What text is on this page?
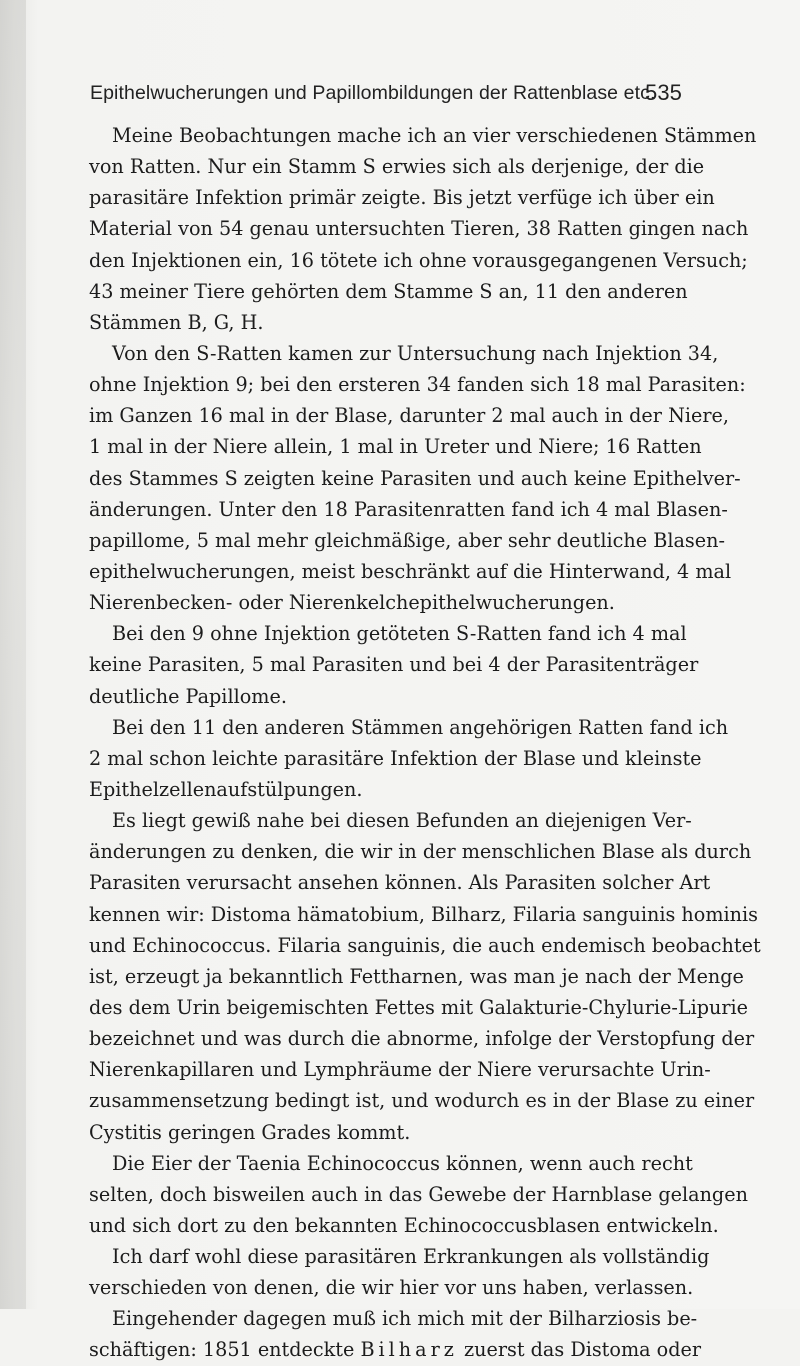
Epithelwucherungen und Papillombildungen der Rattenblase etc.
535
Meine Beobachtungen mache ich an vier verschiedenen Stämmen
von Ratten. Nur ein Stamm S erwies sich als derjenige, der die
parasitäre Infektion primär zeigte. Bis jetzt verfüge ich über ein
Material von 54 genau untersuchten Tieren, 38 Ratten gingen nach
den Injektionen ein, 16 tötete ich ohne vorausgegangenen Versuch;
43 meiner Tiere gehörten dem Stamme S an, 11 den anderen
Stämmen B, G, H.
Von den S-Ratten kamen zur Untersuchung nach Injektion 34,
ohne Injektion 9; bei den ersteren 34 fanden sich 18 mal Parasiten:
im Ganzen 16 mal in der Blase, darunter 2 mal auch in der Niere,
1 mal in der Niere allein, 1 mal in Ureter und Niere; 16 Ratten
des Stammes S zeigten keine Parasiten und auch keine Epithelver-
änderungen. Unter den 18 Parasitenratten fand ich 4 mal Blasen-
papillome, 5 mal mehr gleichmäßige, aber sehr deutliche Blasen-
epithelwucherungen, meist beschränkt auf die Hinterwand, 4 mal
Nierenbecken- oder Nierenkelchepithelwucherungen.
Bei den 9 ohne Injektion getöteten S-Ratten fand ich 4 mal
keine Parasiten, 5 mal Parasiten und bei 4 der Parasitenträger
deutliche Papillome.
Bei den 11 den anderen Stämmen angehörigen Ratten fand ich
2 mal schon leichte parasitäre Infektion der Blase und kleinste
Epithelzellenaufstülpungen.
Es liegt gewiß nahe bei diesen Befunden an diejenigen Ver-
änderungen zu denken, die wir in der menschlichen Blase als durch
Parasiten verursacht ansehen können. Als Parasiten solcher Art
kennen wir: Distoma hämatobium, Bilharz, Filaria sanguinis hominis
und Echinococcus. Filaria sanguinis, die auch endemisch beobachtet
ist, erzeugt ja bekanntlich Fettharnen, was man je nach der Menge
des dem Urin beigemischten Fettes mit Galakturie-Chylurie-Lipurie
bezeichnet und was durch die abnorme, infolge der Verstopfung der
Nierenkapillaren und Lymphräume der Niere verursachte Urin-
zusammensetzung bedingt ist, und wodurch es in der Blase zu einer
Cystitis geringen Grades kommt.
Die Eier der Taenia Echinococcus können, wenn auch recht
selten, doch bisweilen auch in das Gewebe der Harnblase gelangen
und sich dort zu den bekannten Echinococcusblasen entwickeln.
Ich darf wohl diese parasitären Erkrankungen als vollständig
verschieden von denen, die wir hier vor uns haben, verlassen.
Eingehender dagegen muß ich mich mit der Bilharziosis be-
schäftigen: 1851 entdeckte Bilharz zuerst das Distoma oder
